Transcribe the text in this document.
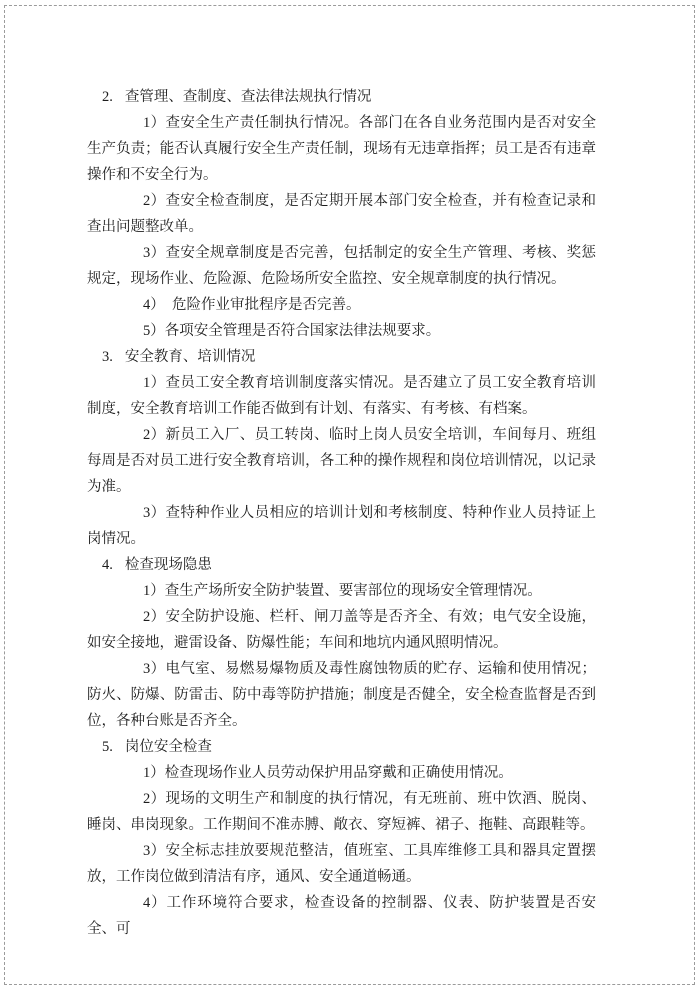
2. 查管理、查制度、查法律法规执行情况

1）查安全生产责任制执行情况。各部门在各自业务范围内是否对安全生产负责；能否认真履行安全生产责任制，现场有无违章指挥；员工是否有违章操作和不安全行为。

2）查安全检查制度，是否定期开展本部门安全检查，并有检查记录和查出问题整改单。

3）查安全规章制度是否完善，包括制定的安全生产管理、考核、奖惩规定，现场作业、危险源、危险场所安全监控、安全规章制度的执行情况。

4）　危险作业审批程序是否完善。

5）各项安全管理是否符合国家法律法规要求。

3. 安全教育、培训情况

1）查员工安全教育培训制度落实情况。是否建立了员工安全教育培训制度，安全教育培训工作能否做到有计划、有落实、有考核、有档案。

2）新员工入厂、员工转岗、临时上岗人员安全培训，车间每月、班组每周是否对员工进行安全教育培训，各工种的操作规程和岗位培训情况，以记录为准。

3）查特种作业人员相应的培训计划和考核制度、特种作业人员持证上岗情况。

4. 检查现场隐患

1）查生产场所安全防护装置、要害部位的现场安全管理情况。

2）安全防护设施、栏杆、闸刀盖等是否齐全、有效；电气安全设施，如安全接地，避雷设备、防爆性能；车间和地坑内通风照明情况。

3）电气室、易燃易爆物质及毒性腐蚀物质的贮存、运输和使用情况；防火、防爆、防雷击、防中毒等防护措施；制度是否健全，安全检查监督是否到位，各种台账是否齐全。

5. 岗位安全检查

1）检查现场作业人员劳动保护用品穿戴和正确使用情况。

2）现场的文明生产和制度的执行情况，有无班前、班中饮酒、脱岗、睡岗、串岗现象。工作期间不准赤膊、敞衣、穿短裤、裙子、拖鞋、高跟鞋等。

3）安全标志挂放要规范整洁，值班室、工具库维修工具和器具定置摆放，工作岗位做到清洁有序，通风、安全通道畅通。

4）工作环境符合要求，检查设备的控制器、仪表、防护装置是否安全、可
